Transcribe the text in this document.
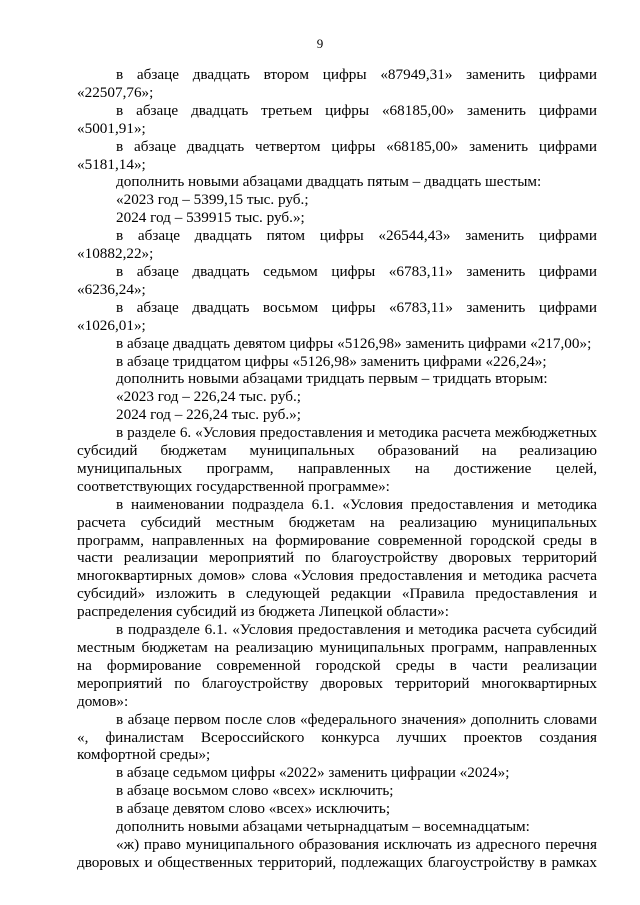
9

в абзаце двадцать втором цифры «87949,31» заменить цифрами «22507,76»;

в абзаце двадцать третьем цифры «68185,00» заменить цифрами «5001,91»;

в абзаце двадцать четвертом цифры «68185,00» заменить цифрами «5181,14»;

дополнить новыми абзацами двадцать пятым – двадцать шестым:

«2023 год – 5399,15 тыс. руб.;

2024 год – 539915 тыс. руб.»;

в абзаце двадцать пятом цифры «26544,43» заменить цифрами «10882,22»;

в абзаце двадцать седьмом цифры «6783,11» заменить цифрами «6236,24»;

в абзаце двадцать восьмом цифры «6783,11» заменить цифрами «1026,01»;

в абзаце двадцать девятом цифры «5126,98» заменить цифрами «217,00»;

в абзаце тридцатом цифры «5126,98» заменить цифрами «226,24»;

дополнить новыми абзацами тридцать первым – тридцать вторым:

«2023 год – 226,24 тыс. руб.;

2024 год – 226,24 тыс. руб.»;

в разделе 6. «Условия предоставления и методика расчета межбюджетных субсидий бюджетам муниципальных образований на реализацию муниципальных программ, направленных на достижение целей, соответствующих государственной программе»:

в наименовании подраздела 6.1. «Условия предоставления и методика расчета субсидий местным бюджетам на реализацию муниципальных программ, направленных на формирование современной городской среды в части реализации мероприятий по благоустройству дворовых территорий многоквартирных домов» слова «Условия предоставления и методика расчета субсидий» изложить в следующей редакции «Правила предоставления и распределения субсидий из бюджета Липецкой области»:

в подразделе 6.1. «Условия предоставления и методика расчета субсидий местным бюджетам на реализацию муниципальных программ, направленных на формирование современной городской среды в части реализации мероприятий по благоустройству дворовых территорий многоквартирных домов»:

в абзаце первом после слов «федерального значения» дополнить словами «, финалистам Всероссийского конкурса лучших проектов создания комфортной среды»;

в абзаце седьмом цифры «2022» заменить цифрации «2024»;

в абзаце восьмом слово «всех» исключить;

в абзаце девятом слово «всех» исключить;

дополнить новыми абзацами четырнадцатым – восемнадцатым:

«ж) право муниципального образования исключать из адресного перечня дворовых и общественных территорий, подлежащих благоустройству в рамках
